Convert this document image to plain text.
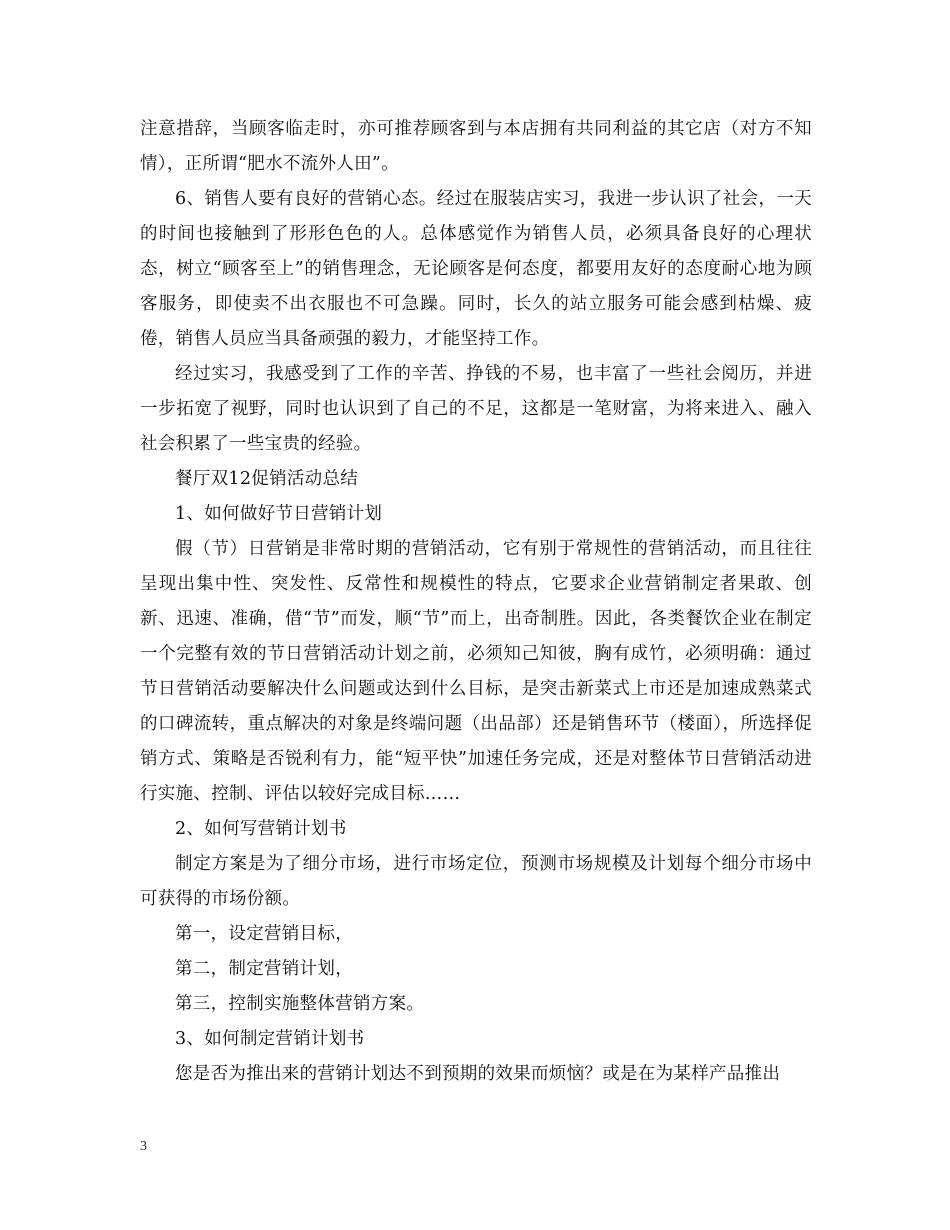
注意措辞，当顾客临走时，亦可推荐顾客到与本店拥有共同利益的其它店（对方不知情），正所谓“肥水不流外人田”。

6、销售人要有良好的营销心态。经过在服装店实习，我进一步认识了社会，一天的时间也接触到了形形色色的人。总体感觉作为销售人员，必须具备良好的心理状态，树立“顾客至上”的销售理念，无论顾客是何态度，都要用友好的态度耐心地为顾客服务，即使卖不出衣服也不可急躁。同时，长久的站立服务可能会感到枯燥、疲倦，销售人员应当具备顽强的毅力，才能坚持工作。

经过实习，我感受到了工作的辛苦、挣钱的不易，也丰富了一些社会阅历，并进一步拓宽了视野，同时也认识到了自己的不足，这都是一笔财富，为将来进入、融入社会积累了一些宝贵的经验。

餐厅双12促销活动总结

1、如何做好节日营销计划

假（节）日营销是非常时期的营销活动，它有别于常规性的营销活动，而且往往呈现出集中性、突发性、反常性和规模性的特点，它要求企业营销制定者果敢、创新、迅速、准确，借“节”而发，顺“节”而上，出奇制胜。因此，各类餐饮企业在制定一个完整有效的节日营销活动计划之前，必须知己知彼，胸有成竹，必须明确：通过节日营销活动要解决什么问题或达到什么目标，是突击新菜式上市还是加速成熟菜式的口碑流转，重点解决的对象是终端问题（出品部）还是销售环节（楼面），所选择促销方式、策略是否锐利有力，能“短平快”加速任务完成，还是对整体节日营销活动进行实施、控制、评估以较好完成目标……

2、如何写营销计划书

制定方案是为了细分市场，进行市场定位，预测市场规模及计划每个细分市场中可获得的市场份额。

第一，设定营销目标，

第二，制定营销计划，

第三，控制实施整体营销方案。

3、如何制定营销计划书

您是否为推出来的营销计划达不到预期的效果而烦恼？或是在为某样产品推出

3
